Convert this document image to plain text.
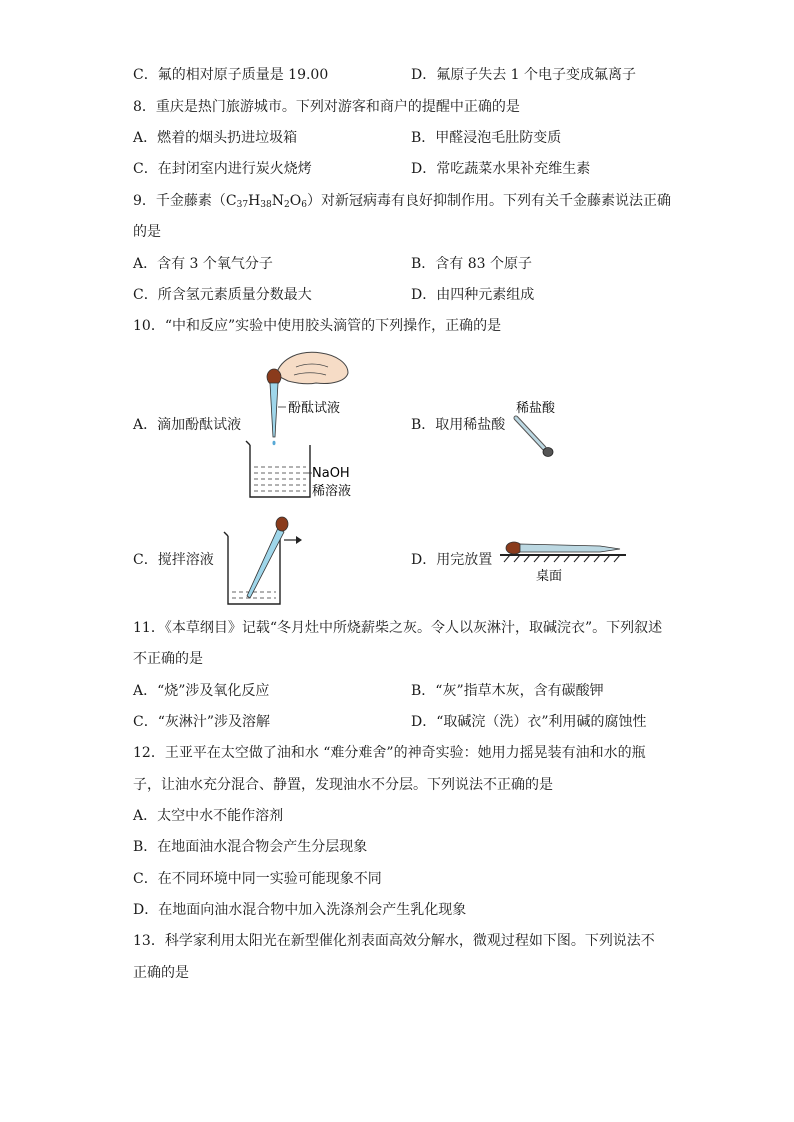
C．氟的相对原子质量是 19.00	D．氟原子失去 1 个电子变成氟离子
8．重庆是热门旅游城市。下列对游客和商户的提醒中正确的是
A．燃着的烟头扔进垃圾箱	B．甲醛浸泡毛肚防变质
C．在封闭室内进行炭火烧烤	D．常吃蔬菜水果补充维生素
9．千金藤素$(C_{37}H_{38}N_2O_6)$对新冠病毒有良好抑制作用。下列有关千金藤素说法正确
的是
A．含有 3 个氧气分子	B．含有 83 个原子
C．所含氢元素质量分数最大	D．由四种元素组成
10．“中和反应”实验中使用胶头滴管的下列操作，正确的是
A．滴加酚酞试液	B．取用稀盐酸
C．搅拌溶液	D．用完放置
酚酞试液
NaOH
稀溶液
稀盐酸
桌面
11．《本草纲目》记载“冬月灶中所烧薪柴之灰。令人以灰淋汁，取碱浣衣”。下列叙述
不正确的是
A．“烧”涉及氧化反应	B．“灰”指草木灰，含有碳酸钾
C．“灰淋汁”涉及溶解	D．“取碱浣（洗）衣”利用碱的腐蚀性
12．王亚平在太空做了油和水 “难分难舍”的神奇实验：她用力摇晃装有油和水的瓶
子，让油水充分混合、静置，发现油水不分层。下列说法不正确的是
A．太空中水不能作溶剂
B．在地面油水混合物会产生分层现象
C．在不同环境中同一实验可能现象不同
D．在地面向油水混合物中加入洗涤剂会产生乳化现象
13．科学家利用太阳光在新型催化剂表面高效分解水，微观过程如下图。下列说法不
正确的是
